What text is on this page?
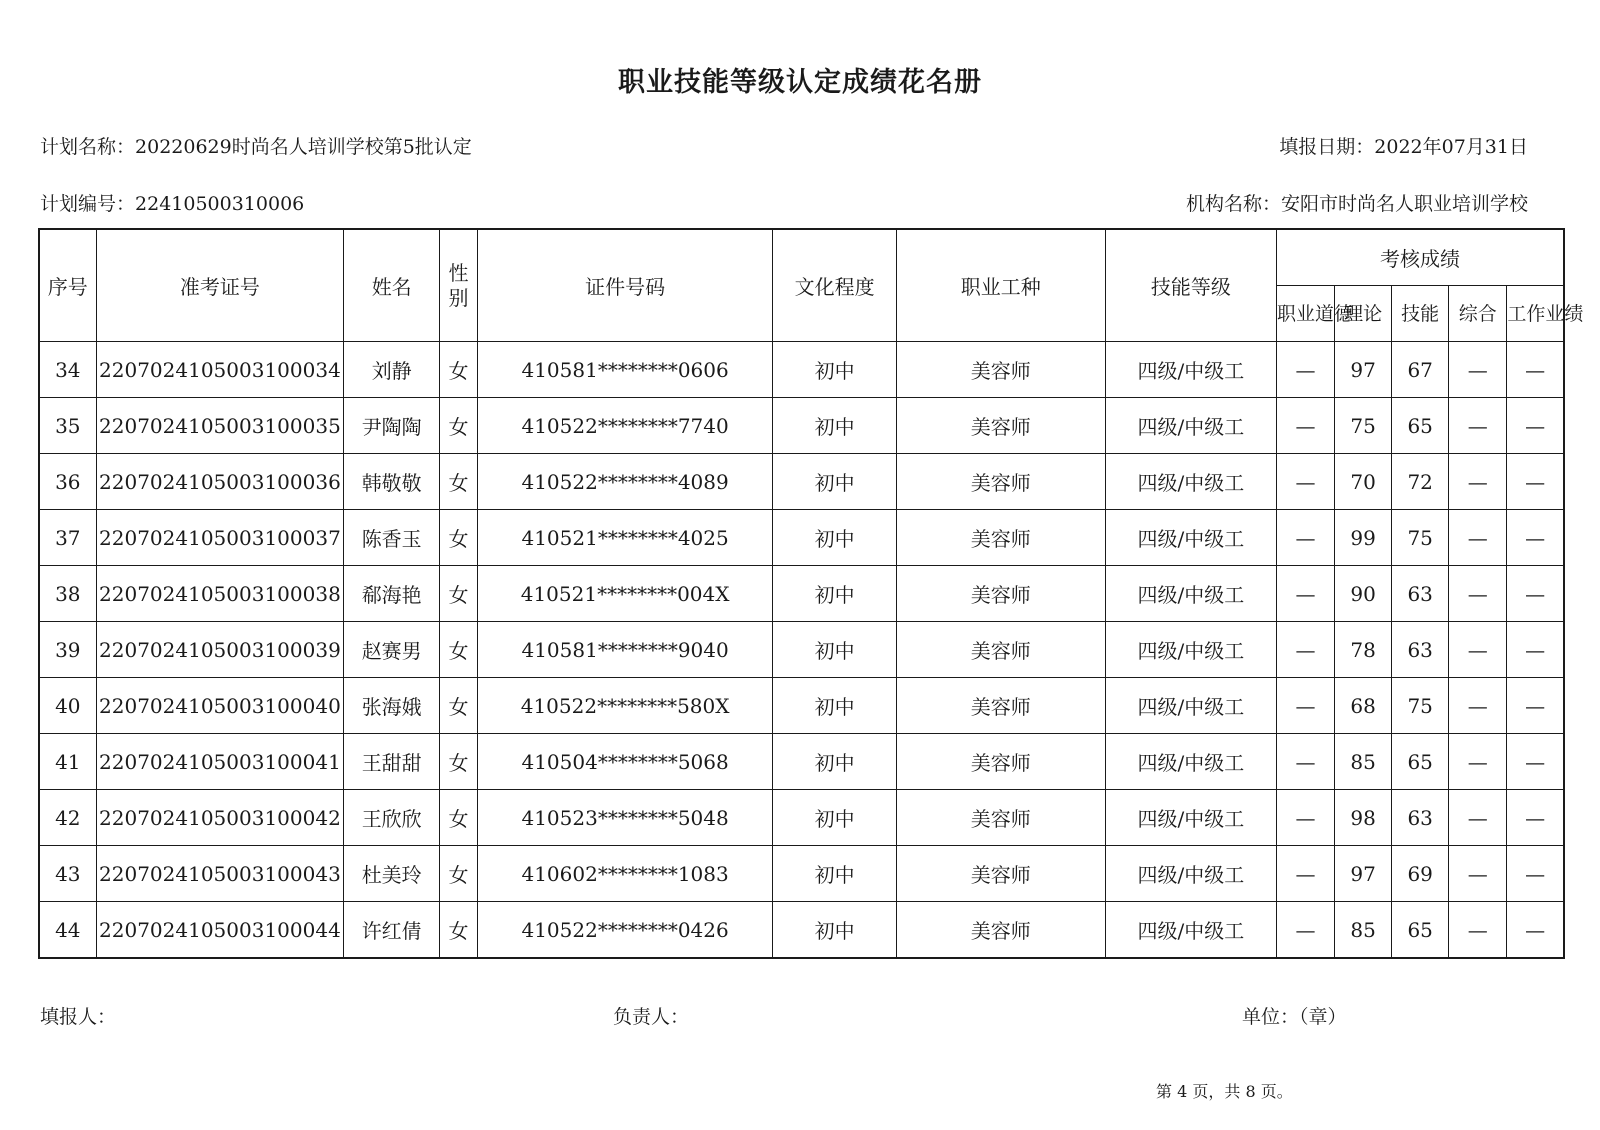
职业技能等级认定成绩花名册
计划名称：20220629时尚名人培训学校第5批认定	填报日期：2022年07月31日
计划编号：22410500310006	机构名称：安阳市时尚名人职业培训学校
序号	准考证号	姓名	性别	证件号码	文化程度	职业工种	技能等级	考核成绩				
								职业道德	理论	技能	综合	工作业绩
34	2207024105003100034	刘静	女	410581********0606	初中	美容师	四级/中级工	—	97	67	—	—
35	2207024105003100035	尹陶陶	女	410522********7740	初中	美容师	四级/中级工	—	75	65	—	—
36	2207024105003100036	韩敬敬	女	410522********4089	初中	美容师	四级/中级工	—	70	72	—	—
37	2207024105003100037	陈香玉	女	410521********4025	初中	美容师	四级/中级工	—	99	75	—	—
38	2207024105003100038	郗海艳	女	410521********004X	初中	美容师	四级/中级工	—	90	63	—	—
39	2207024105003100039	赵赛男	女	410581********9040	初中	美容师	四级/中级工	—	78	63	—	—
40	2207024105003100040	张海娥	女	410522********580X	初中	美容师	四级/中级工	—	68	75	—	—
41	2207024105003100041	王甜甜	女	410504********5068	初中	美容师	四级/中级工	—	85	65	—	—
42	2207024105003100042	王欣欣	女	410523********5048	初中	美容师	四级/中级工	—	98	63	—	—
43	2207024105003100043	杜美玲	女	410602********1083	初中	美容师	四级/中级工	—	97	69	—	—
44	2207024105003100044	许红倩	女	410522********0426	初中	美容师	四级/中级工	—	85	65	—	—
填报人：	负责人：	单位：（章）
第 4 页，共 8 页。
